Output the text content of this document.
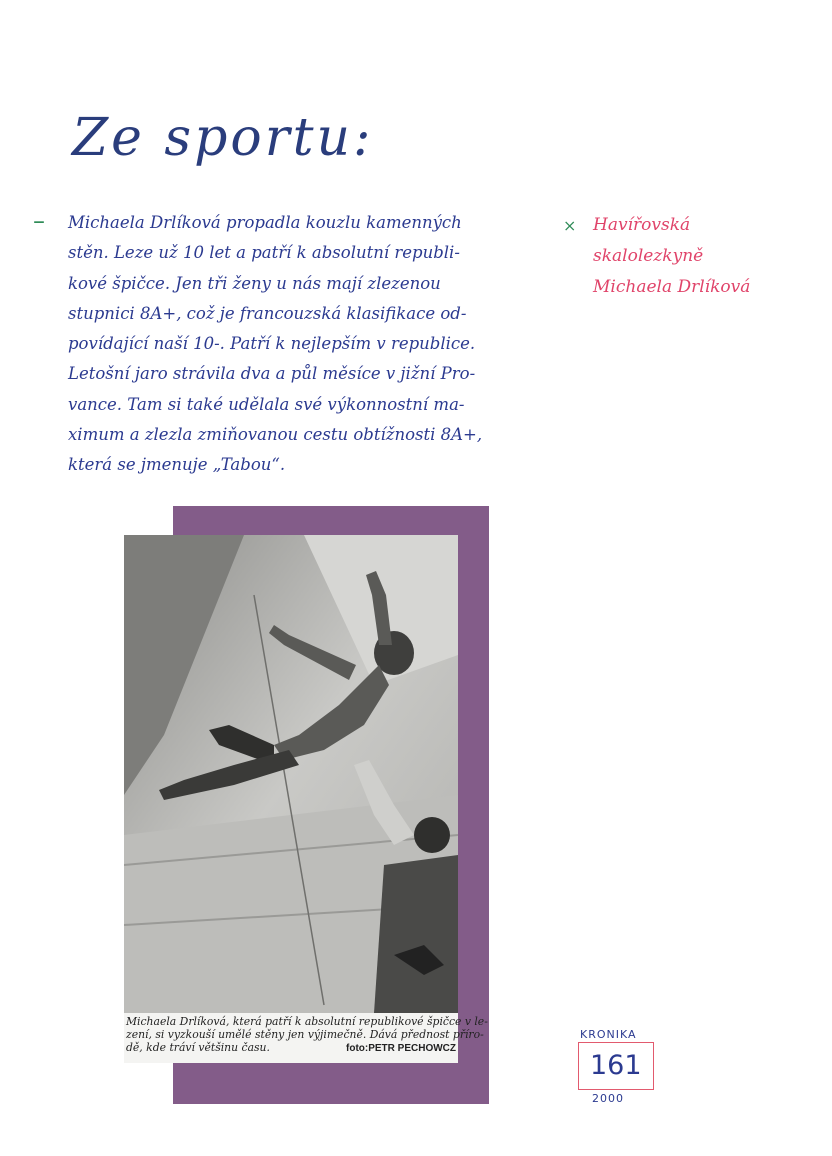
Ze sportu:
– Michaela Drlíková propadla kouzlu kamenných
stěn. Leze už 10 let a patří k absolutní republi-
kové špičce. Jen tři ženy u nás mají zlezenou
stupnici 8A+, což je francouzská klasifikace od-
povídající naší 10-. Patří k nejlepším v republice.
Letošní jaro strávila dva a půl měsíce v jižní Pro-
vance. Tam si také udělala své výkonnostní ma-
ximum a zlezla zmiňovanou cestu obtížnosti 8A+,
která se jmenuje „Tabou“.
× Havířovská
skalolezkyně
Michaela Drlíková
Michaela Drlíková, která patří k absolutní republikové špičce v le-
zení, si vyzkouší umělé stěny jen výjimečně. Dává přednost příro-
dě, kde tráví většinu času.	foto:PETR PECHOWCZ
KRONIKA
161
2000
